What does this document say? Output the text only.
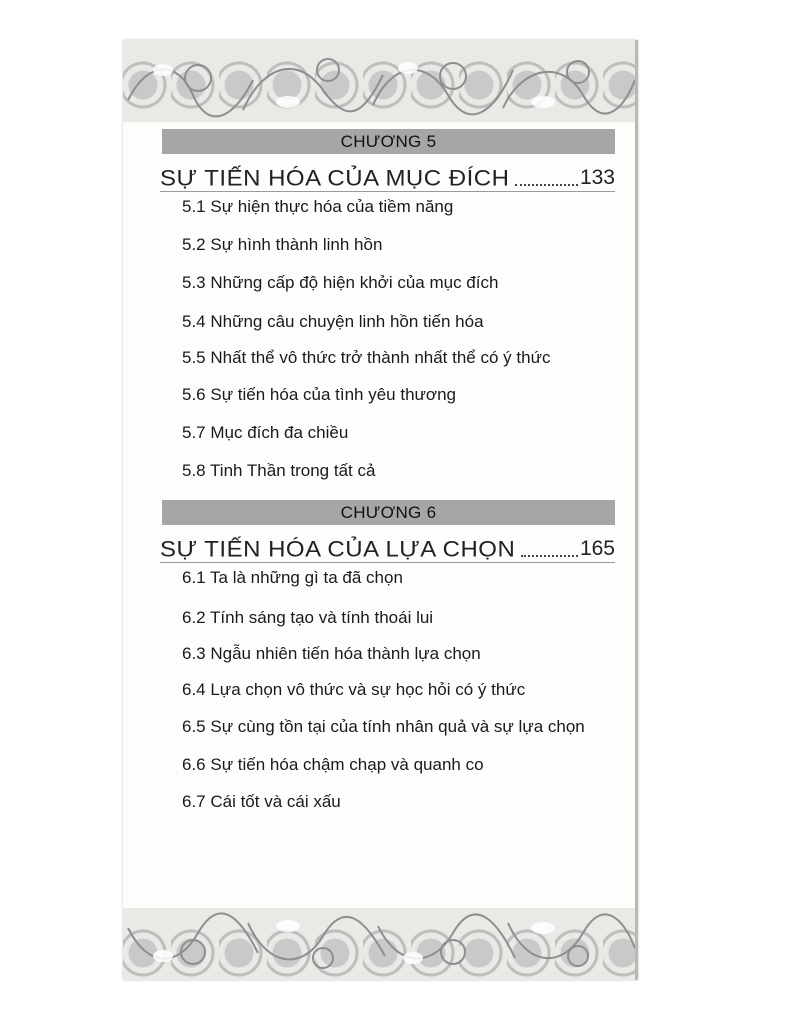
CHƯƠNG 5
SỰ TIẾN HÓA CỦA MỤC ĐÍCH	133
5.1 Sự hiện thực hóa của tiềm năng
5.2 Sự hình thành linh hồn
5.3 Những cấp độ hiện khởi của mục đích
5.4 Những câu chuyện linh hồn tiến hóa
5.5 Nhất thể vô thức trở thành nhất thể có ý thức
5.6 Sự tiến hóa của tình yêu thương
5.7 Mục đích đa chiều
5.8 Tinh Thần trong tất cả
CHƯƠNG 6
SỰ TIẾN HÓA CỦA LỰA CHỌN	165
6.1 Ta là những gì ta đã chọn
6.2 Tính sáng tạo và tính thoái lui
6.3 Ngẫu nhiên tiến hóa thành lựa chọn
6.4 Lựa chọn vô thức và sự học hỏi có ý thức
6.5 Sự cùng tồn tại của tính nhân quả và sự lựa chọn
6.6 Sự tiến hóa chậm chạp và quanh co
6.7 Cái tốt và cái xấu
